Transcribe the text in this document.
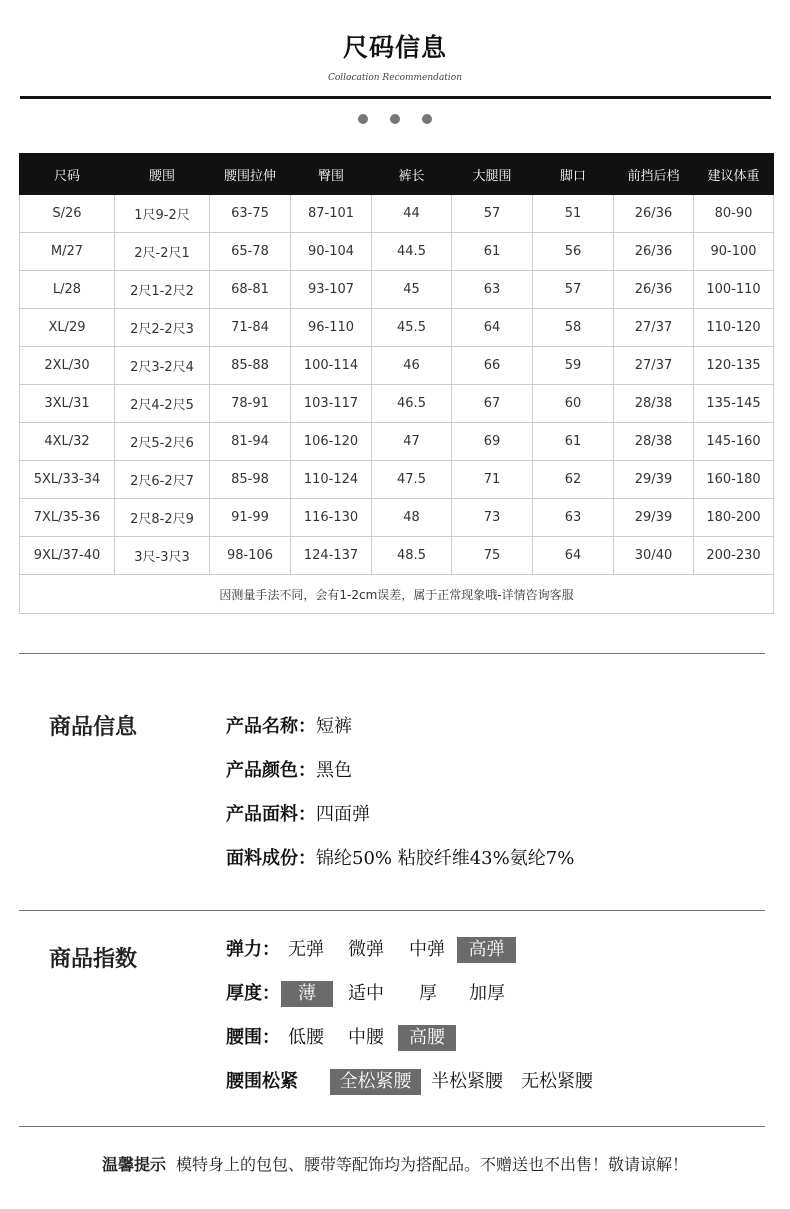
尺码信息
Collocation Recommendation
尺码	腰围	腰围拉伸	臀围	裤长	大腿围	脚口	前挡后档	建议体重
S/26	1尺9-2尺	63-75	87-101	44	57	51	26/36	80-90
M/27	2尺-2尺1	65-78	90-104	44.5	61	56	26/36	90-100
L/28	2尺1-2尺2	68-81	93-107	45	63	57	26/36	100-110
XL/29	2尺2-2尺3	71-84	96-110	45.5	64	58	27/37	110-120
2XL/30	2尺3-2尺4	85-88	100-114	46	66	59	27/37	120-135
3XL/31	2尺4-2尺5	78-91	103-117	46.5	67	60	28/38	135-145
4XL/32	2尺5-2尺6	81-94	106-120	47	69	61	28/38	145-160
5XL/33-34	2尺6-2尺7	85-98	110-124	47.5	71	62	29/39	160-180
7XL/35-36	2尺8-2尺9	91-99	116-130	48	73	63	29/39	180-200
9XL/37-40	3尺-3尺3	98-106	124-137	48.5	75	64	30/40	200-230
因测量手法不同，会有1-2cm误差，属于正常现象哦-详情咨询客服								
商品信息	产品名称：短裤
产品颜色：黑色
产品面料：四面弹
面料成份：锦纶50% 粘胶纤维43%氨纶7%
商品指数	弹力： 无弹 微弹 中弹	高弹
厚度：	薄	适中	厚	加厚
腰围： 低腰 中腰	高腰
腰围松紧	全松紧腰	半松紧腰	无松紧腰
温馨提示 模特身上的包包、腰带等配饰均为搭配品。不赠送也不出售！敬请谅解！
